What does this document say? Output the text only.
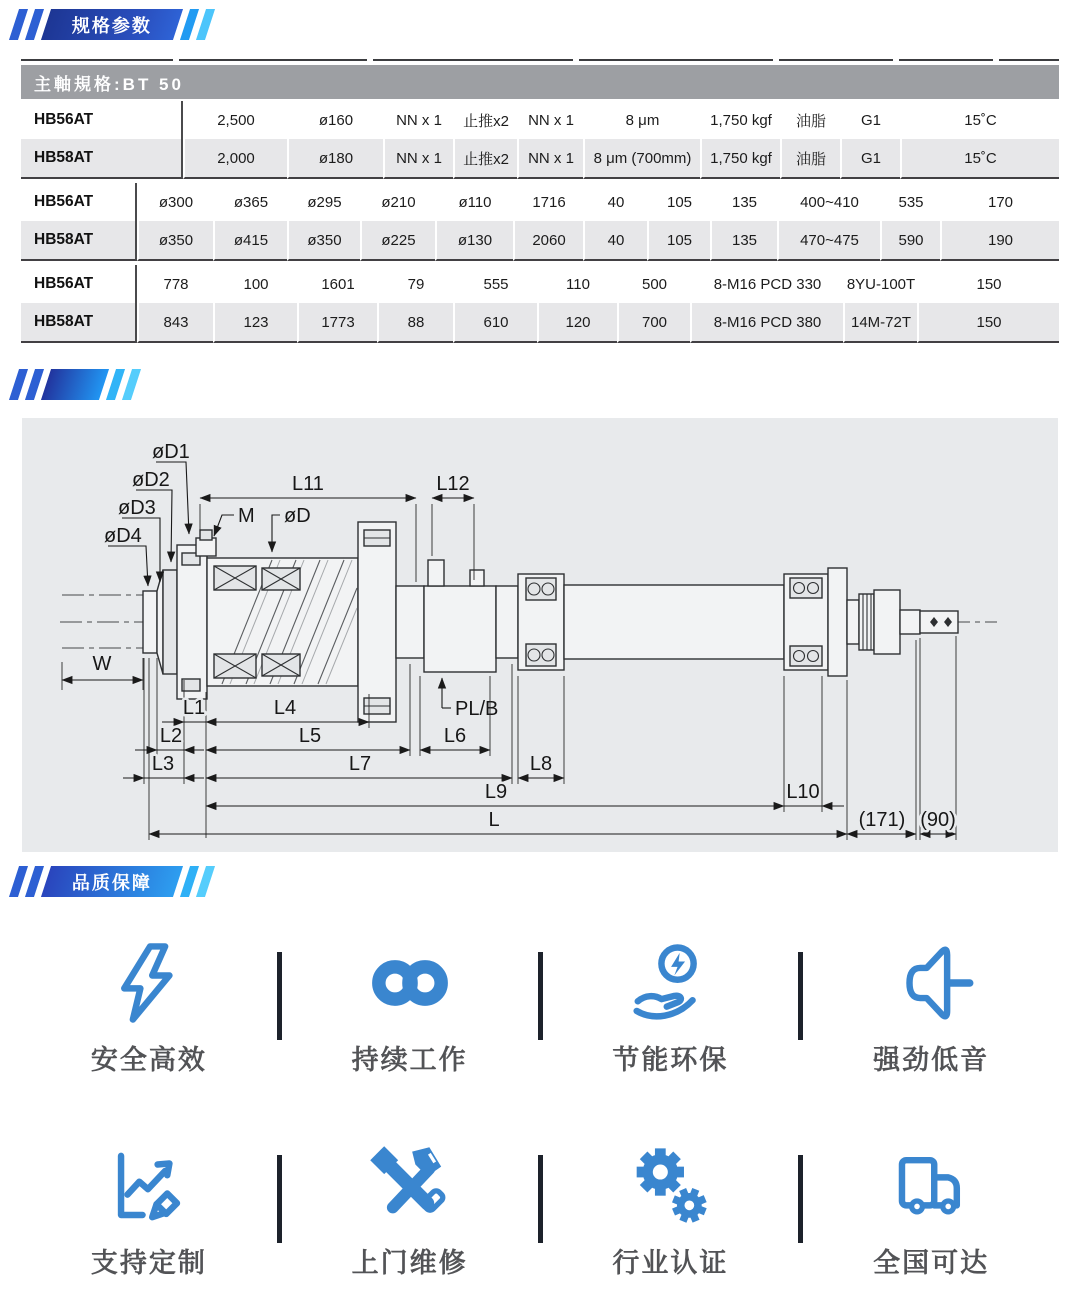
规格参数
主軸規格:BT 50
HB56AT	2,500	ø160	NN x 1	止推x2	NN x 1	8 μm	1,750 kgf	油脂	G1	15˚C
HB58AT	2,000	ø180	NN x 1	止推x2	NN x 1	8 μm (700mm)	1,750 kgf	油脂	G1	15˚C
HB56AT	ø300	ø365	ø295	ø210	ø110	1716	40	105	135	400~410	535	170
HB58AT	ø350	ø415	ø350	ø225	ø130	2060	40	105	135	470~475	590	190
HB56AT	778	100	1601	79	555	110	500	8-M16 PCD 330	8YU-100T	150
HB58AT	843	123	1773	88	610	120	700	8-M16 PCD 380	14M-72T	150
L11	L12
øD1
øD2
øD3
øD4
M øD
W
PL/B
L1	L4
L2	L5	L6
L3	L7	L8
L9	L10
L	(171) (90)
品质保障
安全高效	持续工作	节能环保	强劲低音
支持定制	上门维修	行业认证	全国可达
